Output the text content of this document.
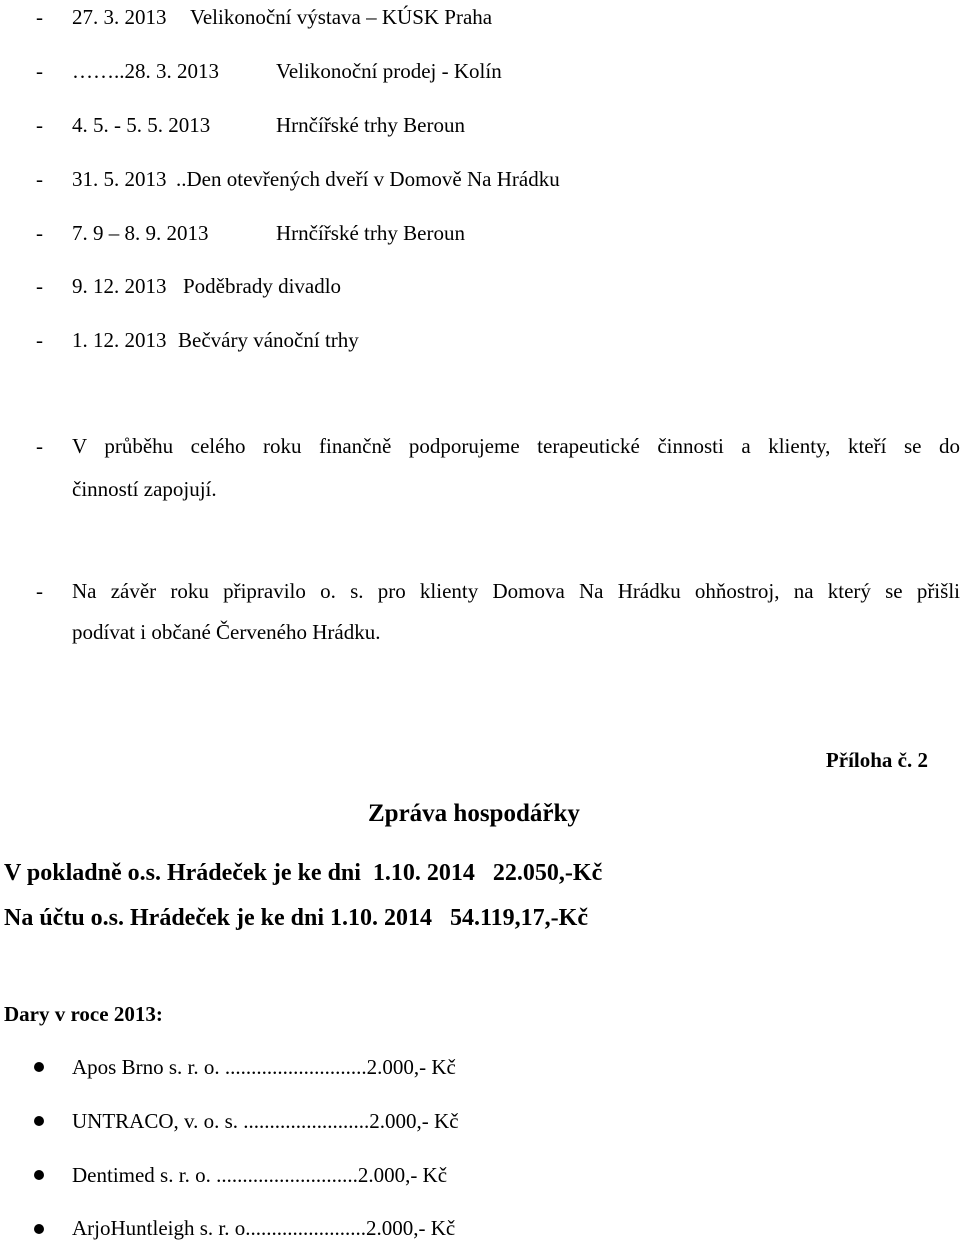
- 27. 3. 2013 Velikonoční výstava – KÚSK Praha
- ……..28. 3. 2013	Velikonoční prodej - Kolín
- 4. 5. - 5. 5. 2013	Hrnčířské trhy Beroun
- 31. 5. 2013 ..Den otevřených dveří v Domově Na Hrádku
- 7. 9 – 8. 9. 2013	Hrnčířské trhy Beroun
- 9. 12. 2013 Poděbrady divadlo
- 1. 12. 2013 Bečváry vánoční trhy
- V průběhu celého roku finančně podporujeme terapeutické činnosti a klienty, kteří se do
činností zapojují.
- Na závěr roku připravilo o. s. pro klienty Domova Na Hrádku ohňostroj, na který se přišli
podívat i občané Červeného Hrádku.
Příloha č. 2
Zpráva hospodářky
V pokladně o.s. Hrádeček je ke dni  1.10. 2014   22.050,-Kč
Na účtu o.s. Hrádeček je ke dni 1.10. 2014   54.119,17,-Kč
Dary v roce 2013:
Apos Brno s. r. o. ...........................2.000,- Kč
UNTRACO, v. o. s. ........................2.000,- Kč
Dentimed s. r. o. ...........................2.000,- Kč
ArjoHuntleigh s. r. o.......................2.000,- Kč
